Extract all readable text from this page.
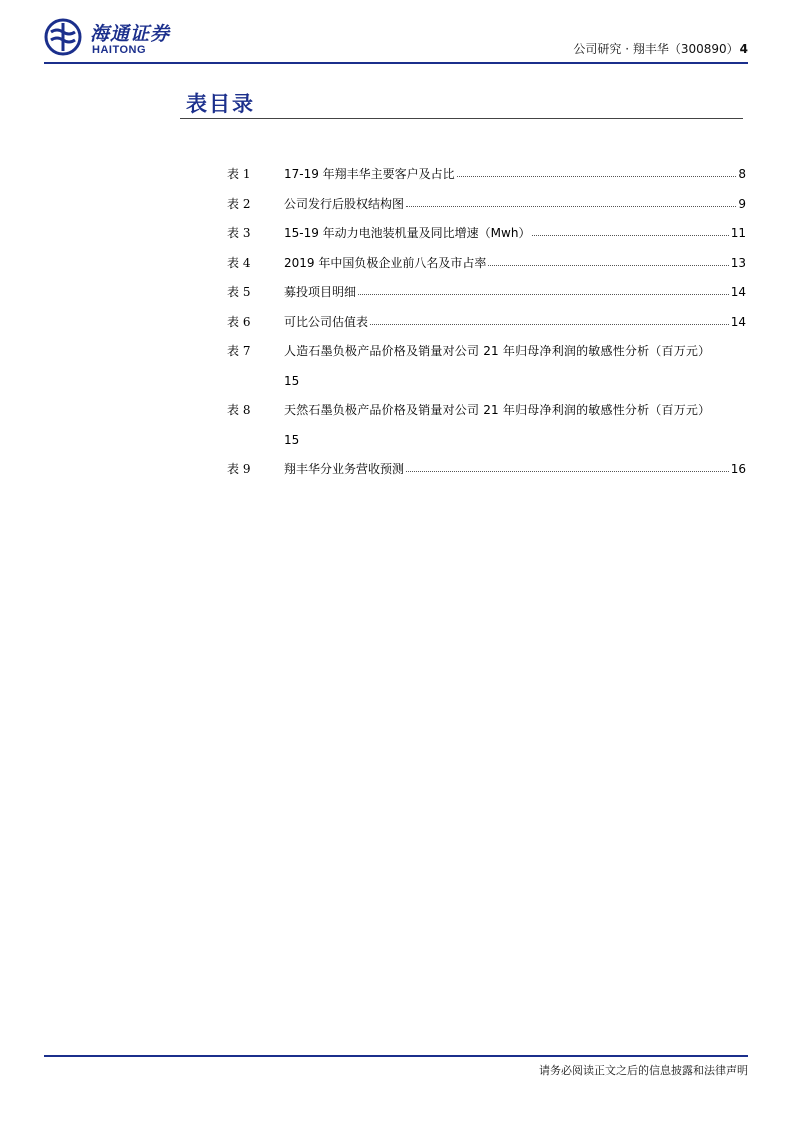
海通证券
HAITONG	公司研究 · 翔丰华（300890）4
表目录
表 1	17-19 年翔丰华主要客户及占比	8
表 2	公司发行后股权结构图	9
表 3	15-19 年动力电池装机量及同比增速（Mwh）	11
表 4	2019 年中国负极企业前八名及市占率	13
表 5	募投项目明细	14
表 6	可比公司估值表	14
表 7	人造石墨负极产品价格及销量对公司 21 年归母净利润的敏感性分析（百万元）
15
表 8	天然石墨负极产品价格及销量对公司 21 年归母净利润的敏感性分析（百万元）
15
表 9	翔丰华分业务营收预测	16
请务必阅读正文之后的信息披露和法律声明
